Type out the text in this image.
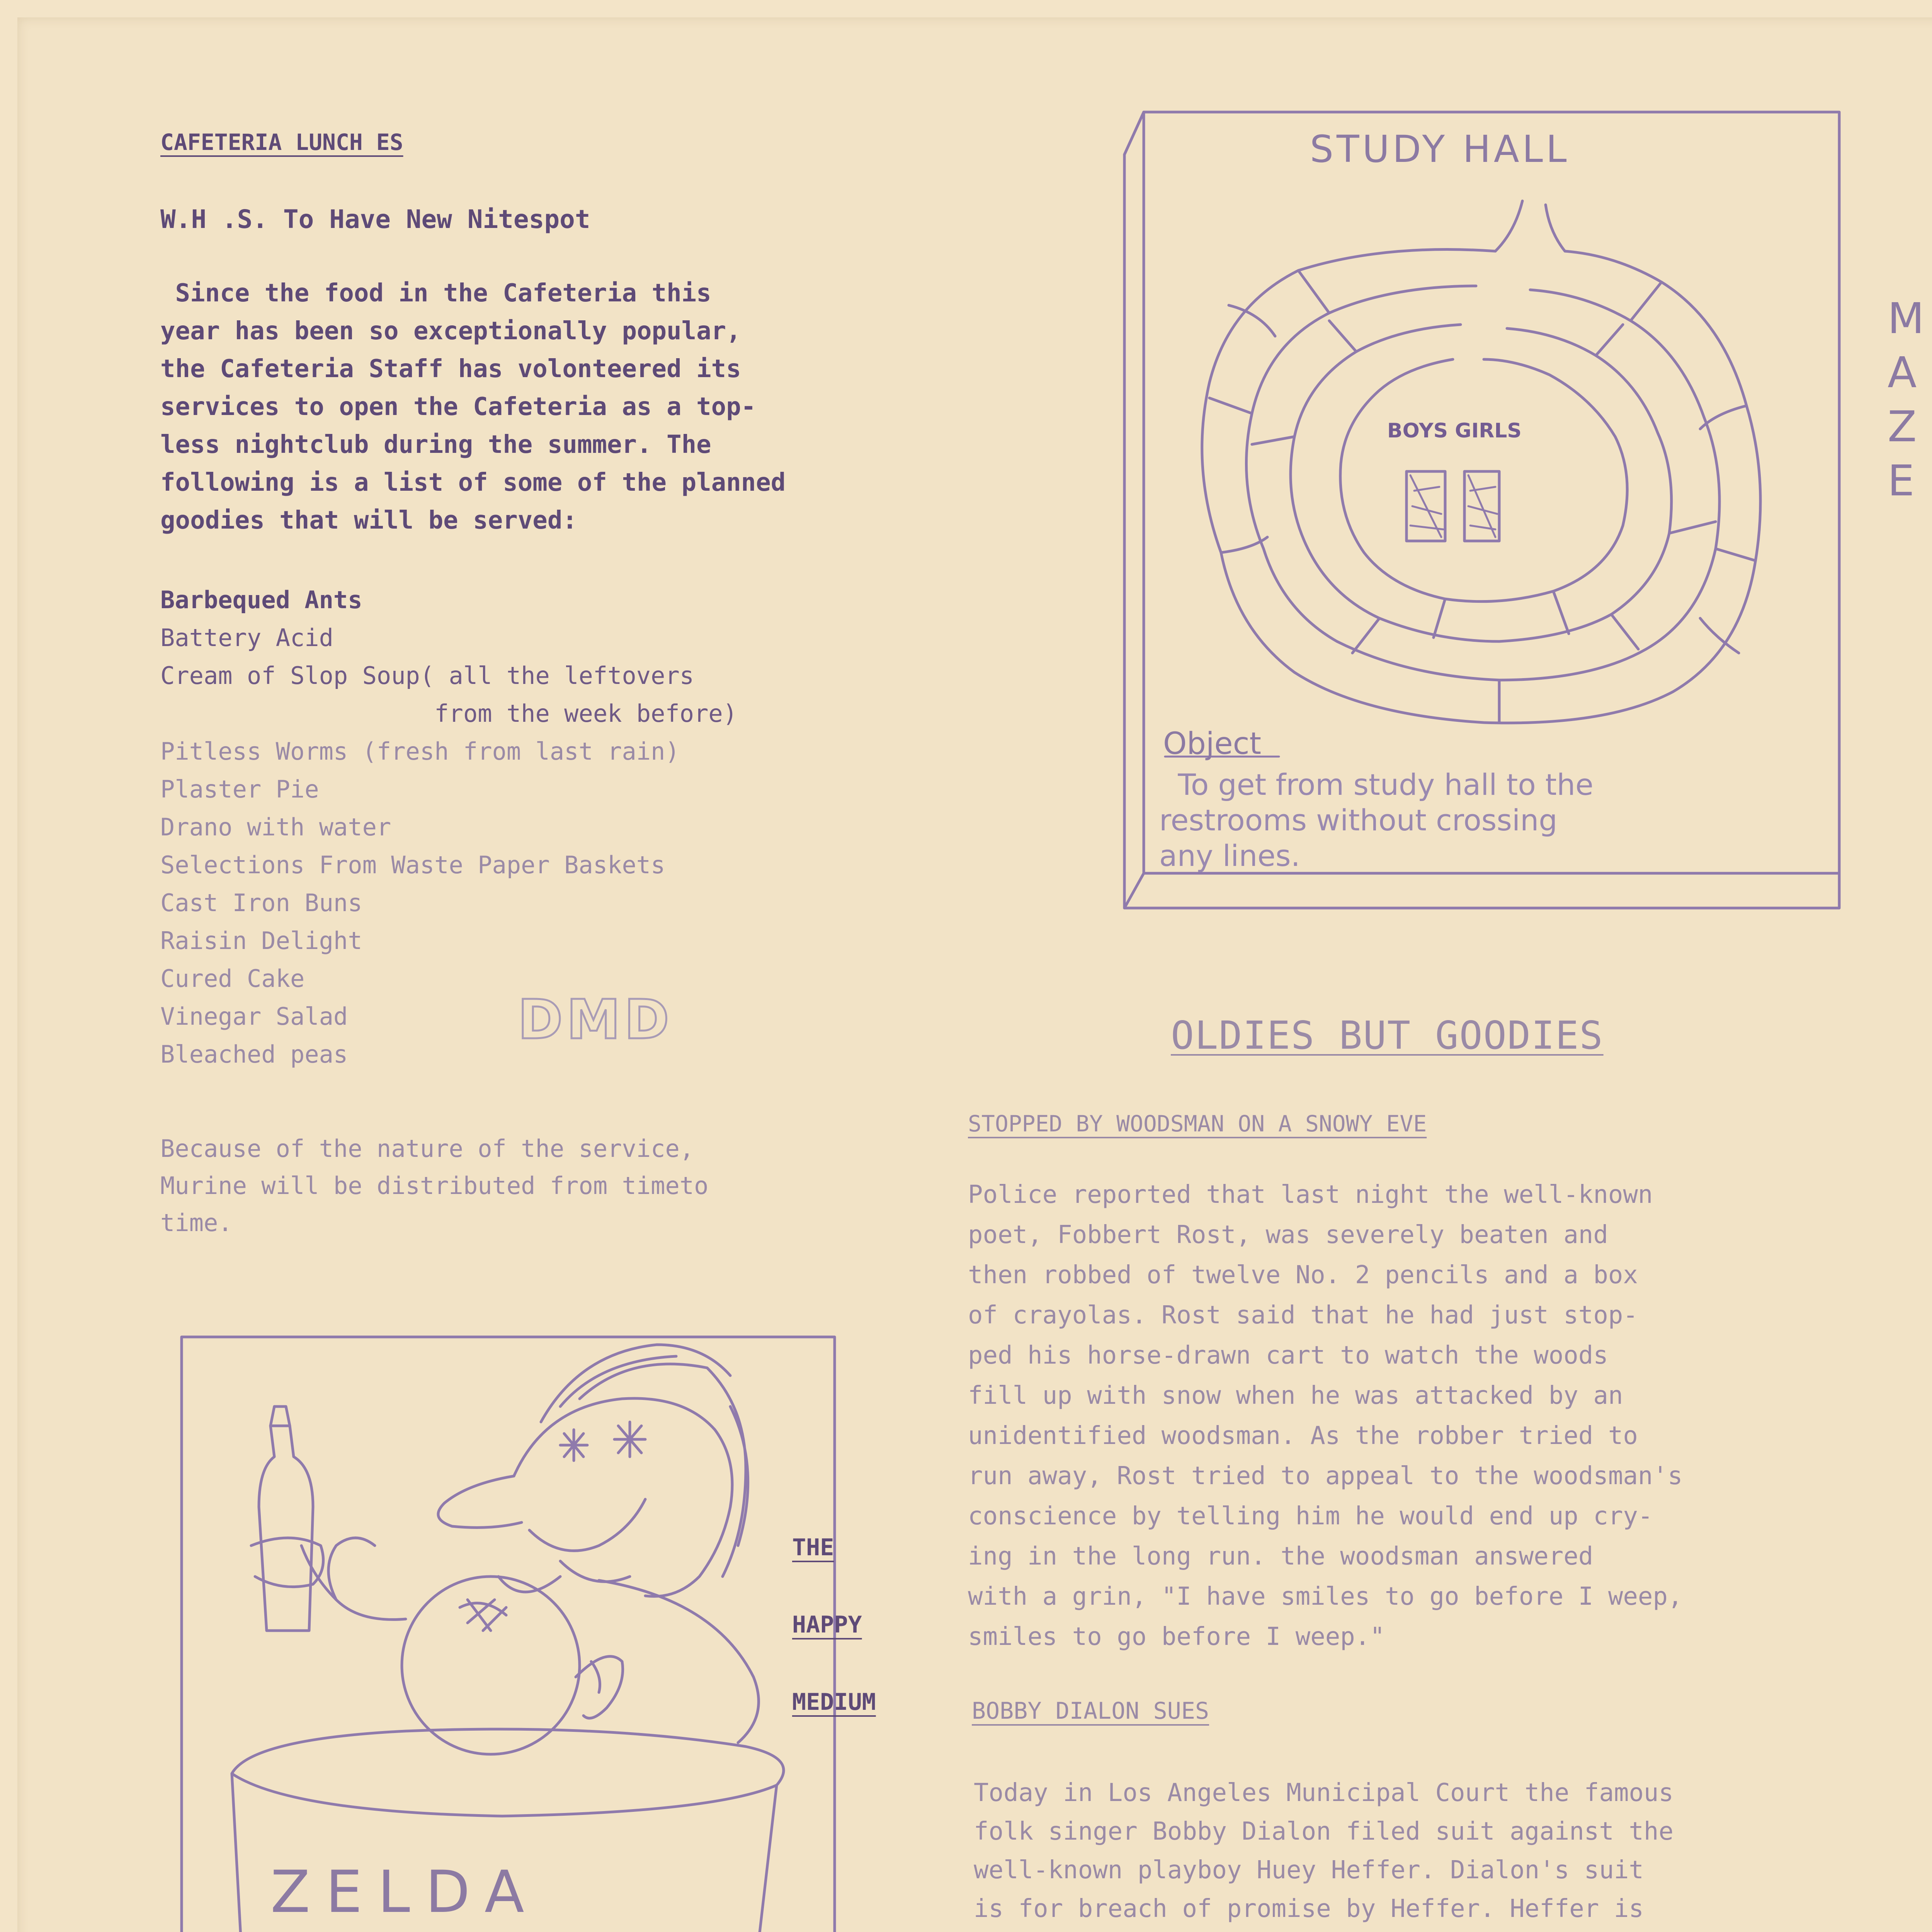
CAFETERIA LUNCH ES

W.H .S. To Have New Nitespot

Since the food in the Cafeteria this
year has been so exceptionally popular,
the Cafeteria Staff has volonteered its
services to open the Cafeteria as a top-
less nightclub during the summer. The
following is a list of some of the planned
goodies that will be served:

Barbequed Ants

Battery Acid

Cream of Slop Soup( all the leftovers

from the week before)

Pitless Worms (fresh from last rain)

Plaster Pie

Drano with water

Selections From Waste Paper Baskets

Cast Iron Buns

Raisin Delight

Cured Cake

Vinegar Salad

Bleached peas

DMD

Because of the nature of the service,
Murine will be distributed from timeto
time.

STUDY HALL

BOYS GIRLS

Object

To get from study hall to the
restrooms without crossing
any lines.

M

A

Z

E

OLDIES BUT GOODIES

STOPPED BY WOODSMAN ON A SNOWY EVE

Police reported that last night the well-known
poet, Fobbert Rost, was severely beaten and
then robbed of twelve No. 2 pencils and a box
of crayolas. Rost said that he had just stop-
ped his horse-drawn cart to watch the woods
fill up with snow when he was attacked by an
unidentified woodsman. As the robber tried to
run away, Rost tried to appeal to the woodsman's
conscience by telling him he would end up cry-
ing in the long run. the woodsman answered
with a grin, "I have smiles to go before I weep,
smiles to go before I weep."

BOBBY DIALON SUES

Today in Los Angeles Municipal Court the famous
folk singer Bobby Dialon filed suit against the
well-known playboy Huey Heffer. Dialon's suit
is for breach of promise by Heffer. Heffer is

ZELDA

THE

HAPPY

MEDIUM
